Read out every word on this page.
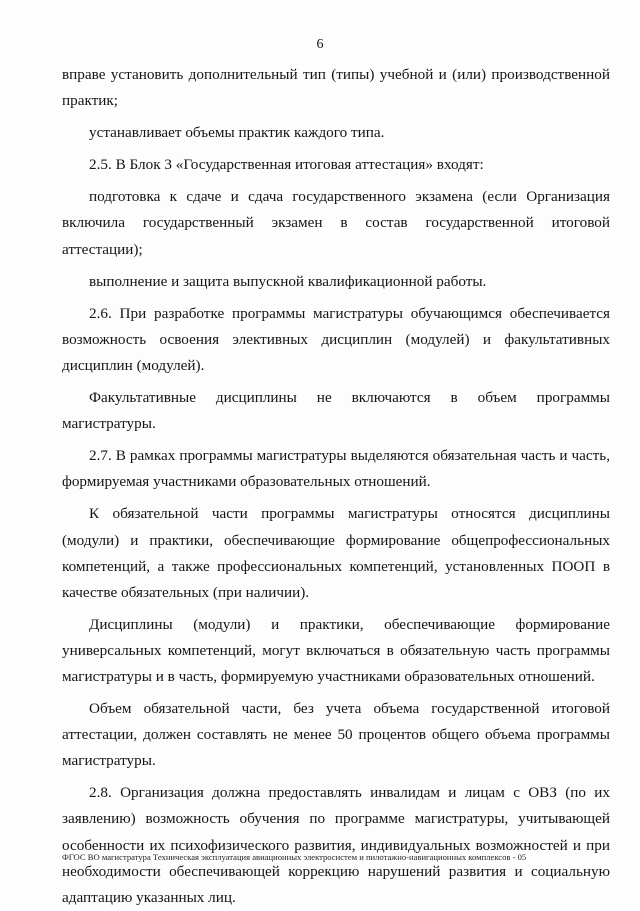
6

вправе установить дополнительный тип (типы) учебной и (или) производственной практик;

устанавливает объемы практик каждого типа.

2.5. В Блок 3 «Государственная итоговая аттестация» входят:

подготовка к сдаче и сдача государственного экзамена (если Организация включила государственный экзамен в состав государственной итоговой аттестации);

выполнение и защита выпускной квалификационной работы.

2.6. При разработке программы магистратуры обучающимся обеспечивается возможность освоения элективных дисциплин (модулей) и факультативных дисциплин (модулей).

Факультативные дисциплины не включаются в объем программы магистратуры.

2.7. В рамках программы магистратуры выделяются обязательная часть и часть, формируемая участниками образовательных отношений.

К обязательной части программы магистратуры относятся дисциплины (модули) и практики, обеспечивающие формирование общепрофессиональных компетенций, а также профессиональных компетенций, установленных ПООП в качестве обязательных (при наличии).

Дисциплины (модули) и практики, обеспечивающие формирование универсальных компетенций, могут включаться в обязательную часть программы магистратуры и в часть, формируемую участниками образовательных отношений.

Объем обязательной части, без учета объема государственной итоговой аттестации, должен составлять не менее 50 процентов общего объема программы магистратуры.

2.8. Организация должна предоставлять инвалидам и лицам с ОВЗ (по их заявлению) возможность обучения по программе магистратуры, учитывающей особенности их психофизического развития, индивидуальных возможностей и при необходимости обеспечивающей коррекцию нарушений развития и социальную адаптацию указанных лиц.

ФГОС ВО магистратура Техническая эксплуатация авиационных электросистем и пилотажно-навигационных комплексов - 05
